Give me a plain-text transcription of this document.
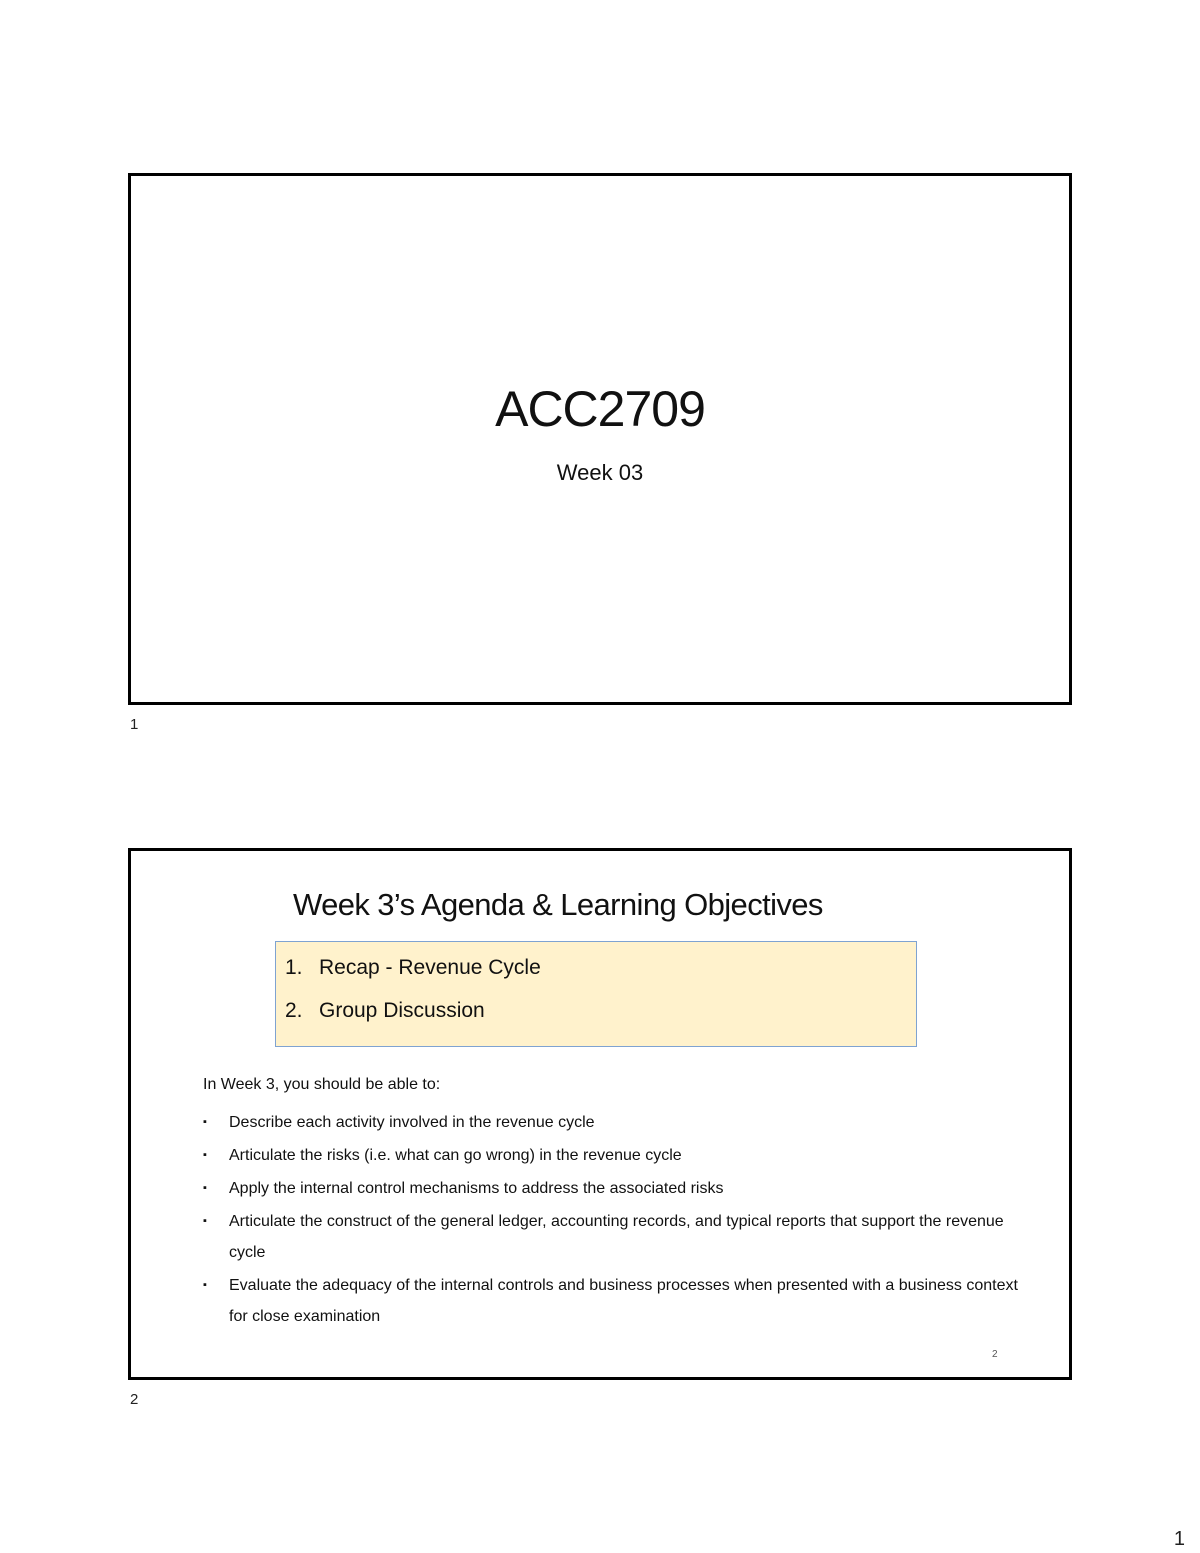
ACC2709
Week 03
1
Week 3’s Agenda & Learning Objectives
1. Recap - Revenue Cycle
2. Group Discussion
In Week 3, you should be able to:
▪ Describe each activity involved in the revenue cycle
▪ Articulate the risks (i.e. what can go wrong) in the revenue cycle
▪ Apply the internal control mechanisms to address the associated risks
▪ Articulate the construct of the general ledger, accounting records, and typical reports that support the revenue cycle
▪ Evaluate the adequacy of the internal controls and business processes when presented with a business context for close examination
2
2
1
